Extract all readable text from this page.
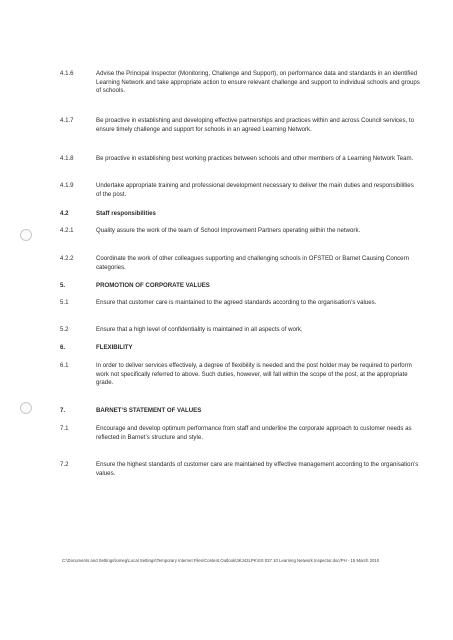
4.1.6	Advise the Principal Inspector (Monitoring, Challenge and Support), on performance data and standards in an identified Learning Network and take appropriate action to ensure relevant challenge and support to individual schools and groups of schools.
4.1.7	Be proactive in establishing and developing effective partnerships and practices within and across Council services, to ensure timely challenge and support for schools in an agreed Learning Network.
4.1.8	Be proactive in establishing best working practices between schools and other members of a Learning Network Team.
4.1.9	Undertake appropriate training and professional development necessary to deliver the main duties and responsibilities of the post.
4.2	Staff responsibilities
4.2.1	Quality assure the work of the team of School Improvement Partners operating within the network.
4.2.2	Coordinate the work of other colleagues supporting and challenging schools in OFSTED or Barnet Causing Concern categories.
5.	PROMOTION OF CORPORATE VALUES
5.1	Ensure that customer care is maintained to the agreed standards according to the organisation’s values.
5.2	Ensure that a high level of confidentiality is maintained in all aspects of work.
6.	FLEXIBILITY
6.1	In order to deliver services effectively, a degree of flexibility is needed and the post holder may be required to perform work not specifically referred to above. Such duties, however, will fall within the scope of the post, at the appropriate grade.
7.	BARNET’S STATEMENT OF VALUES
7.1	Encourage and develop optimum performance from staff and underline the corporate approach to customer needs as reflected in Barnet’s structure and style.
7.2	Ensure the highest standards of customer care are maintained by effective management according to the organisation’s values.
C:\Documents and Settings\lomeg\Local Settings\Temporary Internet Files\Content.Outlook\3KJ42LPK\SS 037 10 Learning Network Inspector.doc/PH - 15 March 2010
